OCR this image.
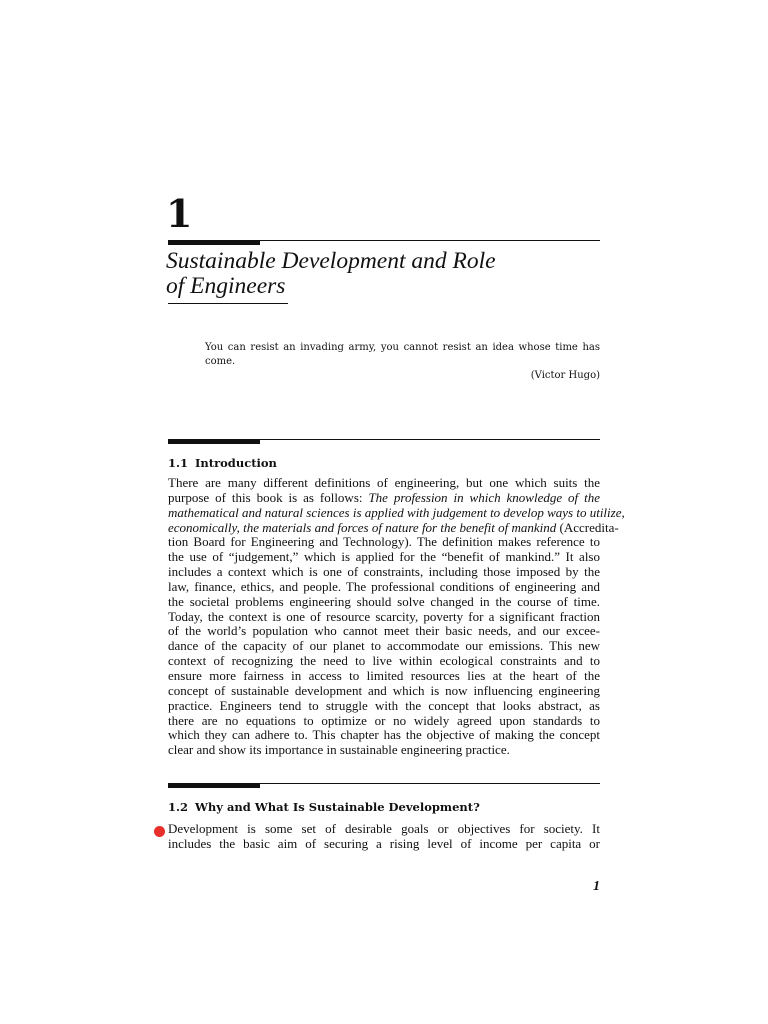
1
Sustainable Development and Role
of Engineers

You can resist an invading army, you cannot resist an idea whose time has come.

(Victor Hugo)

1.1 Introduction
There are many different definitions of engineering, but one which suits the
purpose of this book is as follows: The profession in which knowledge of the
mathematical and natural sciences is applied with judgement to develop ways to utilize,
economically, the materials and forces of nature for the benefit of mankind (Accredita-
tion Board for Engineering and Technology). The definition makes reference to
the use of “judgement,” which is applied for the “benefit of mankind.” It also
includes a context which is one of constraints, including those imposed by the
law, finance, ethics, and people. The professional conditions of engineering and
the societal problems engineering should solve changed in the course of time.
Today, the context is one of resource scarcity, poverty for a significant fraction
of the world’s population who cannot meet their basic needs, and our excee-
dance of the capacity of our planet to accommodate our emissions. This new
context of recognizing the need to live within ecological constraints and to
ensure more fairness in access to limited resources lies at the heart of the
concept of sustainable development and which is now influencing engineering
practice. Engineers tend to struggle with the concept that looks abstract, as
there are no equations to optimize or no widely agreed upon standards to
which they can adhere to. This chapter has the objective of making the concept
clear and show its importance in sustainable engineering practice.
1.2 Why and What Is Sustainable Development?
Development is some set of desirable goals or objectives for society. It
includes the basic aim of securing a rising level of income per capita or

1
